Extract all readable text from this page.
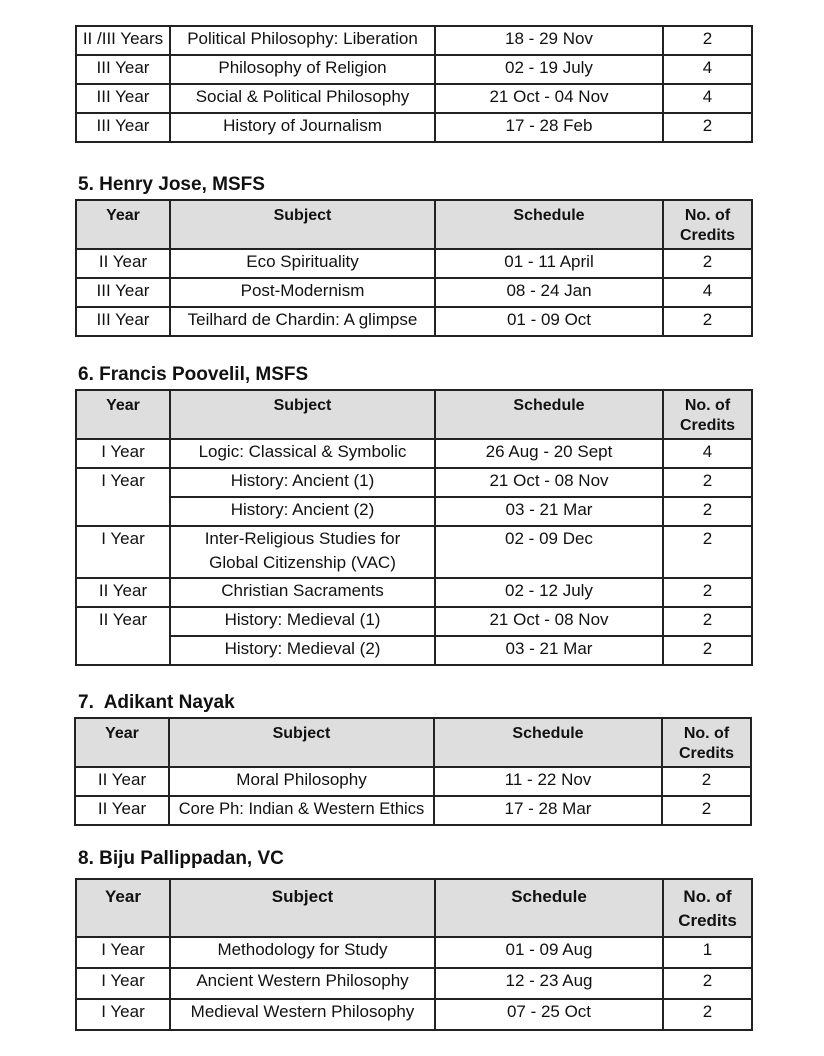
II /III Years	Political Philosophy: Liberation	18 - 29 Nov	2
III Year	Philosophy of Religion	02 - 19 July	4
III Year	Social & Political Philosophy	21 Oct - 04 Nov	4
III Year	History of Journalism	17 - 28 Feb	2
5. Henry Jose, MSFS
Year	Subject	Schedule	No. of Credits
II Year	Eco Spirituality	01 - 11 April	2
III Year	Post-Modernism	08 - 24 Jan	4
III Year	Teilhard de Chardin: A glimpse	01 - 09 Oct	2
6. Francis Poovelil, MSFS
Year	Subject	Schedule	No. of Credits
I Year	Logic: Classical & Symbolic	26 Aug - 20 Sept	4
I Year	History: Ancient (1)	21 Oct - 08 Nov	2
	History: Ancient (2)	03 - 21 Mar	2
I Year	Inter-Religious Studies for Global Citizenship (VAC)	02 - 09 Dec	2
II Year	Christian Sacraments	02 - 12 July	2
II Year	History: Medieval (1)	21 Oct - 08 Nov	2
	History: Medieval (2)	03 - 21 Mar	2
7.  Adikant Nayak
Year	Subject	Schedule	No. of Credits
II Year	Moral Philosophy	11 - 22 Nov	2
II Year	Core Ph: Indian & Western Ethics	17 - 28 Mar	2
8. Biju Pallippadan, VC
Year	Subject	Schedule	No. of Credits
I Year	Methodology for Study	01 - 09 Aug	1
I Year	Ancient Western Philosophy	12 - 23 Aug	2
I Year	Medieval Western Philosophy	07 - 25 Oct	2
